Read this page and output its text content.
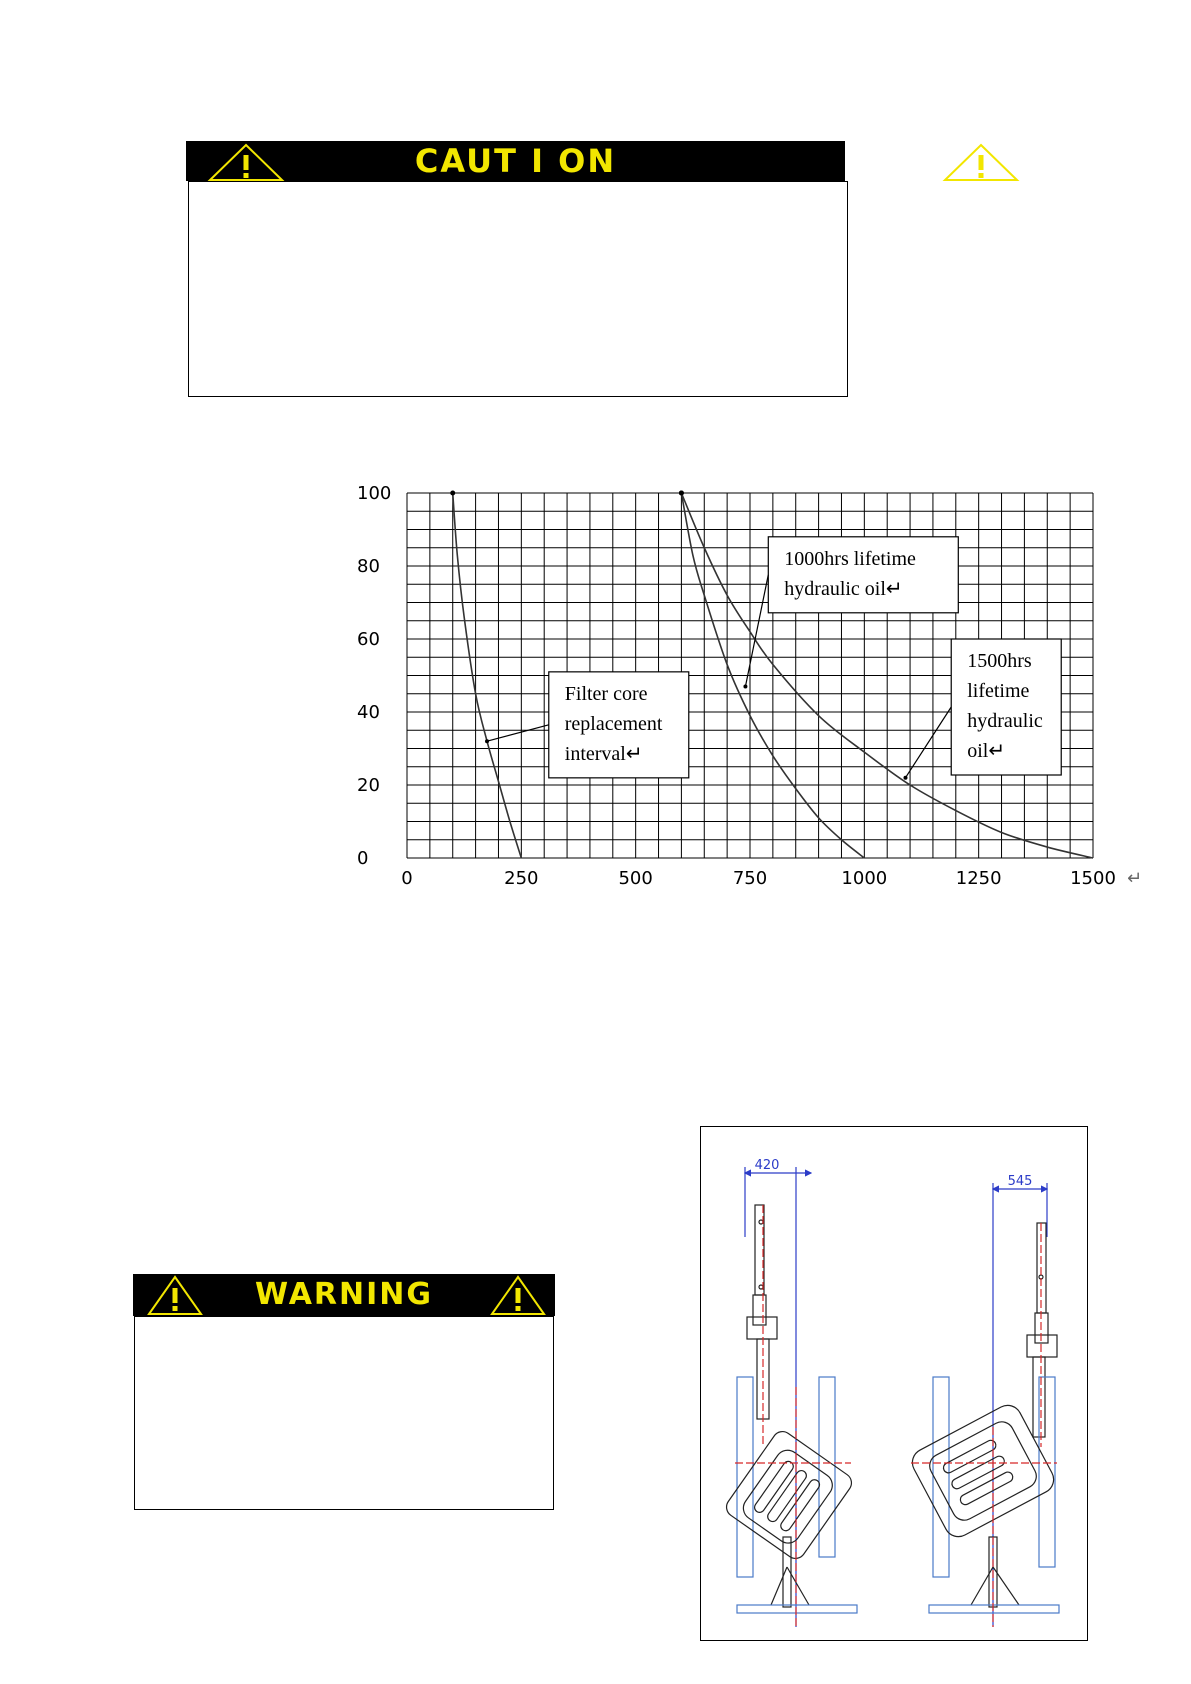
CAUT I ON
0	250	500	750	1000	1250	1500 ↵
0
20
40
60
80
100
Filter core
replacement
interval↵
1000hrs lifetime
hydraulic oil↵
1500hrs
lifetime
hydraulic
oil↵
WARNING
420
545
